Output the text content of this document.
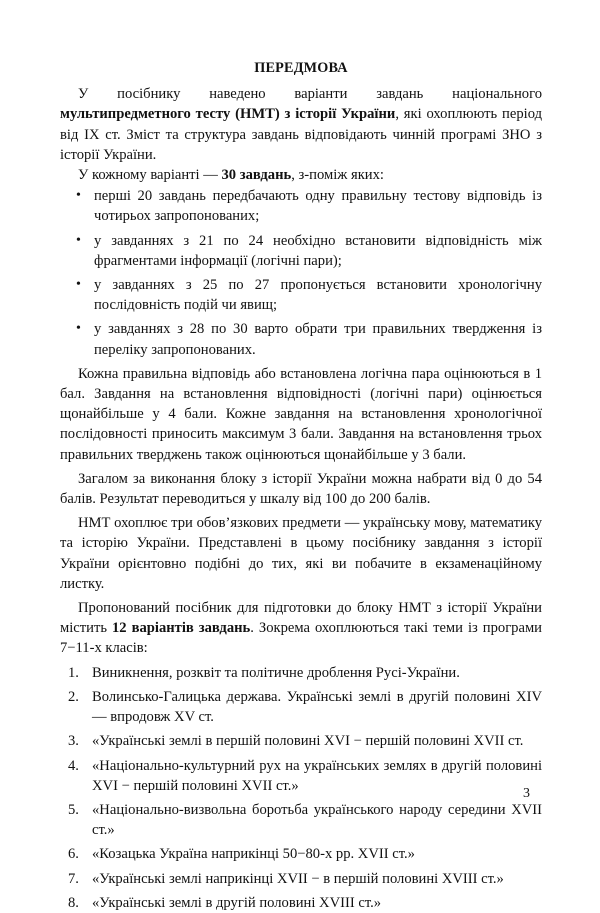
ПЕРЕДМОВА

У посібнику наведено варіанти завдань національного мультипредметного тесту (НМТ) з історії України, які охоплюють період від IX ст. Зміст та структура завдань відповідають чинній програмі ЗНО з історії України.

У кожному варіанті — 30 завдань, з-поміж яких:

• перші 20 завдань передбачають одну правильну тестову відповідь із чотирьох запропонованих;
• у завданнях з 21 по 24 необхідно встановити відповідність між фрагментами інформації (логічні пари);
• у завданнях з 25 по 27 пропонується встановити хронологічну послідовність подій чи явищ;
• у завданнях з 28 по 30 варто обрати три правильних твердження із переліку запропонованих.

Кожна правильна відповідь або встановлена логічна пара оцінюються в 1 бал. Завдання на встановлення відповідності (логічні пари) оцінюється щонайбільше у 4 бали. Кожне завдання на встановлення хронологічної послідовності приносить максимум 3 бали. Завдання на встановлення трьох правильних тверджень також оцінюються щонайбільше у 3 бали.

Загалом за виконання блоку з історії України можна набрати від 0 до 54 балів. Результат переводиться у шкалу від 100 до 200 балів.

НМТ охоплює три обов’язкових предмети — українську мову, математику та історію України. Представлені в цьому посібнику завдання з історії України орієнтовно подібні до тих, які ви побачите в екзаменаційному листку.

Пропонований посібник для підготовки до блоку НМТ з історії України містить 12 варіантів завдань. Зокрема охоплюються такі теми із програми 7−11-х класів:

1. Виникнення, розквіт та політичне дроблення Русі-України.
2. Волинсько-Галицька держава. Українські землі в другій половині XIV — впродовж XV ст.
3. «Українські землі в першій половині XVI − першій половині XVII ст.
4. «Національно-культурний рух на українських землях в другій половині XVI − першій половині XVII ст.»
5. «Національно-визвольна боротьба українського народу середини XVII ст.»
6. «Козацька Україна наприкінці 50−80-х рр. XVII ст.»
7. «Українські землі наприкінці XVII − в першій половині XVIII ст.»
8. «Українські землі в другій половині XVIII ст.»
3
